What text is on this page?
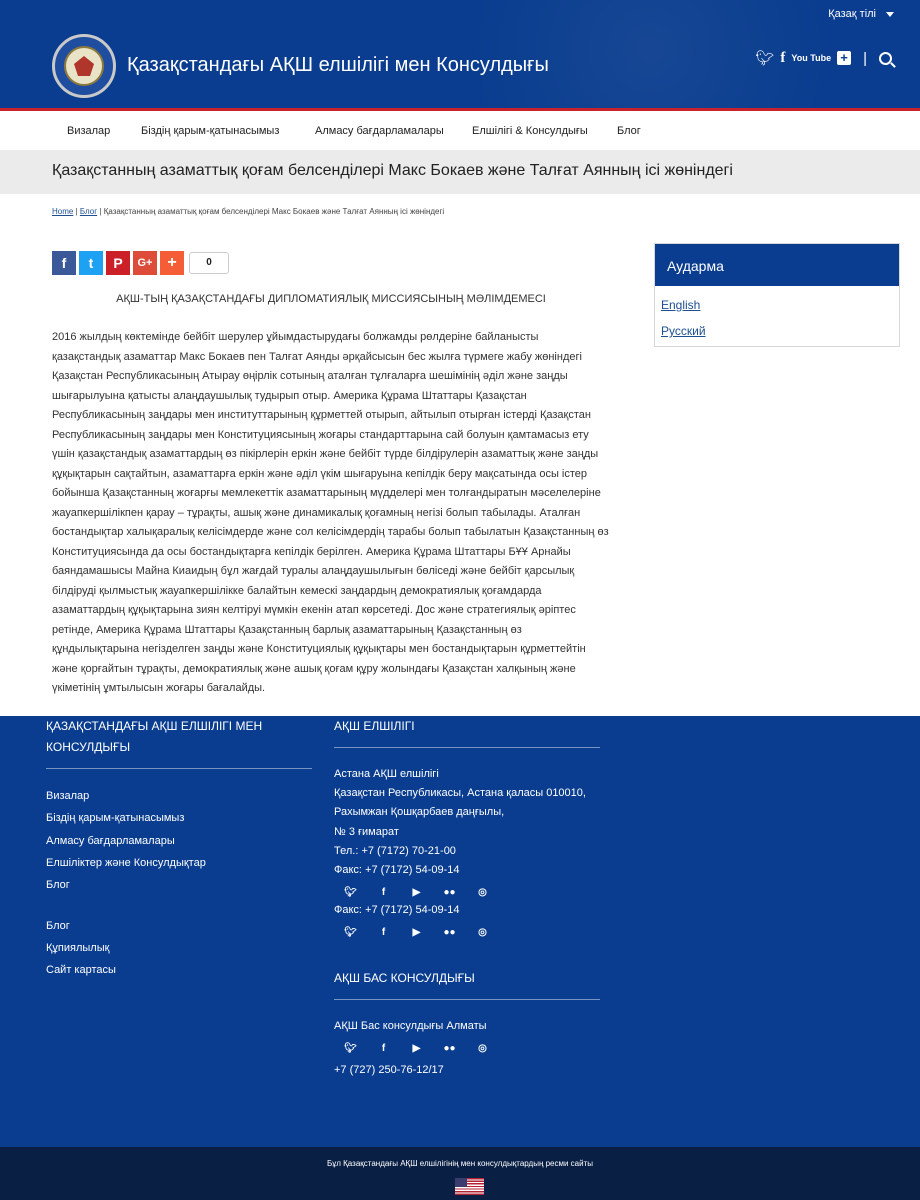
Қазақ тілі
Қазақстандағы АҚШ елшілігі мен Консулдығы	🐦︎ f You Tube + |
Визалар	Біздің қарым-қатынасымыз	Алмасу бағдарламалары	Елшілігі & Консулдығы	Блог
Қазақстанның азаматтық қоғам белсенділері Макс Бокаев және Талғат Аянның ісі жөніндегі
Home | Блог | Қазақстанның азаматтық қоғам белсенділері Макс Бокаев және Талғат Аянның ісі жөніндегі
f	t	P	G+ +	0
АҚШ-ТЫҢ ҚАЗАҚСТАНДАҒЫ ДИПЛОМАТИЯЛЫҚ МИССИЯСЫНЫҢ МӘЛІМДЕМЕСІ
2016 жылдың көктемінде бейбіт шерулер ұйымдастырудағы болжамды рөлдеріне байланысты қазақстандық азаматтар Макс Бокаев пен Талғат Аянды әрқайсысын бес жылға түрмеге жабу жөніндегі Қазақстан Республикасының Атырау өңірлік сотының аталған тұлғаларға шешімінің әділ және заңды шығарылуына қатысты алаңдаушылық тудырып отыр. Америка Құрама Штаттары Қазақстан Республикасының заңдары мен институттарының құрметтей отырып, айтылып отырған істерді Қазақстан Республикасының заңдары мен Конституциясының жоғары стандарттарына сай болуын қамтамасыз ету үшін қазақстандық азаматтардың өз пікірлерін еркін және бейбіт түрде білдірулерін азаматтық және заңды құқықтарын сақтайтын, азаматтарға еркін және әділ үкім шығаруына кепілдік беру мақсатында осы істер бойынша Қазақстанның жоғарғы мемлекеттік азаматтарының мүдделері мен толғандыратын мәселелеріне жауапкершілікпен қарау – тұрақты, ашық және динамикалық қоғамның негізі болып табылады. Аталған бостандықтар халықаралық келісімдерде және сол келісімдердің тарабы болып табылатын Қазақстанның өз Конституциясында да осы бостандықтарға кепілдік берілген. Америка Құрама Штаттары БҰҰ Арнайы баяндамашысы Майна Киаидың бұл жағдай туралы алаңдаушылығын бөліседі және бейбіт қарсылық білдіруді қылмыстық жауапкершілікке балайтын кемескі заңдардың демократиялық қоғамдарда азаматтардың құқықтарына зиян келтіруі мүмкін екенін атап көрсетеді. Дос және стратегиялық әріптес ретінде, Америка Құрама Штаттары Қазақстанның барлық азаматтарының Қазақстанның өз құндылықтарына негізделген заңды және Конституциялық құқықтары мен бостандықтарын құрметтейтін және қорғайтын тұрақты, демократиялық және ашық қоғам құру жолындағы Қазақстан халқының және үкіметінің ұмтылысын жоғары бағалайды.
Аударма
English
Русский
ҚАЗАҚСТАНДАҒЫ АҚШ ЕЛШІЛІГІ МЕН КОНСУЛДЫҒЫ
Визалар
Біздің қарым-қатынасымыз
Алмасу бағдарламалары
Елшіліктер және Консулдықтар
Блог
Блог
Құпиялылық
Сайт картасы
АҚШ ЕЛШІЛІГІ
Астана АҚШ елшілігі
Қазақстан Республикасы, Астана қаласы 010010,
Рахымжан Қошқарбаев даңғылы,
№ 3 ғимарат
Тел.: +7 (7172) 70-21-00
Факс: +7 (7172) 54-09-14
🐦︎	f	▶	●●	◎
Факс: +7 (7172) 54-09-14
🐦︎	f	▶	●●	◎
АҚШ БАС КОНСУЛДЫҒЫ
АҚШ Бас консулдығы Алматы
🐦︎	f	▶	●●	◎
+7 (727) 250-76-12/17
Бұл Қазақстандағы АҚШ елшілігінің мен консулдықтардың ресми сайты
